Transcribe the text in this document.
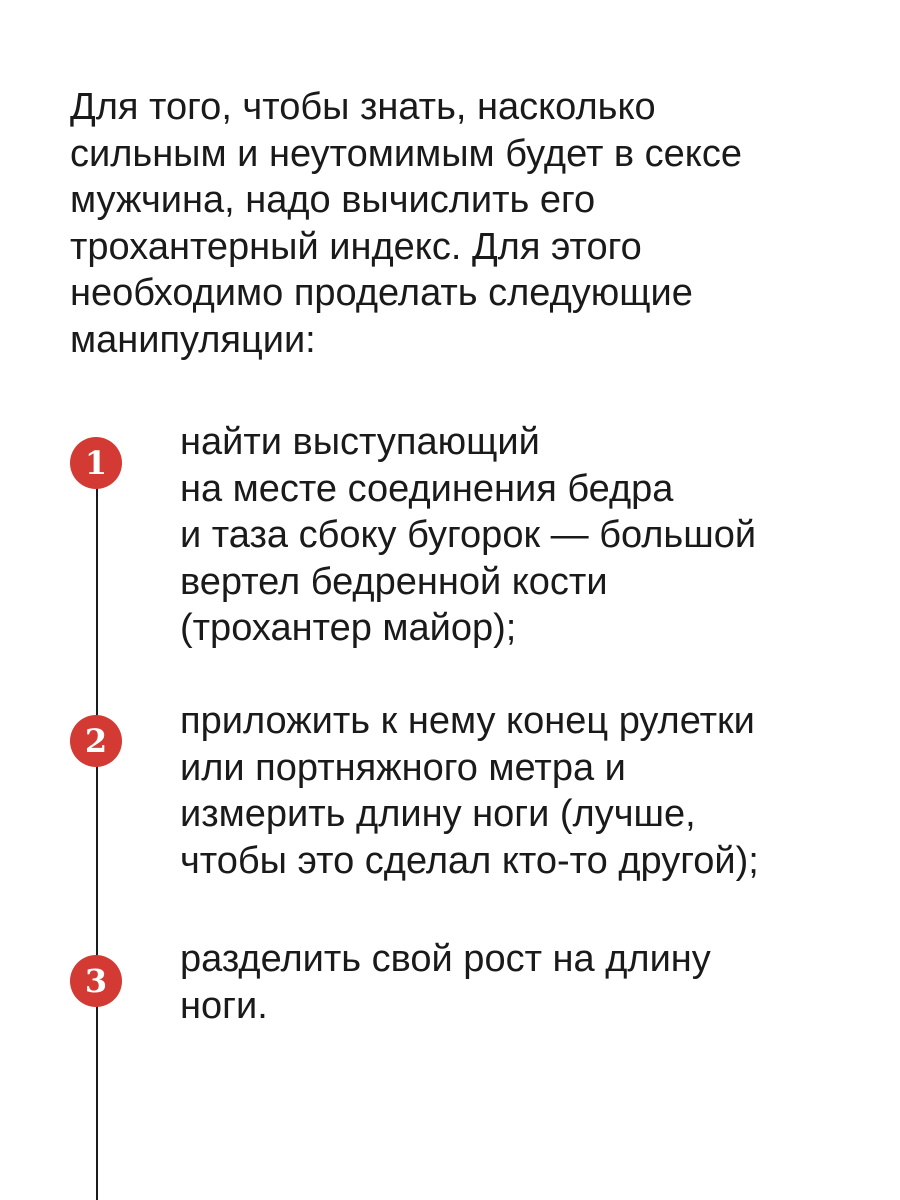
Для того, чтобы знать, насколько
сильным и неутомимым будет в сексе
мужчина, надо вычислить его
трохантерный индекс. Для этого
необходимо проделать следующие
манипуляции:

1	найти выступающий
на месте соединения бедра
и таза сбоку бугорок — большой
вертел бедренной кости
(трохантер майор);

2	приложить к нему конец рулетки
или портняжного метра и
измерить длину ноги (лучше,
чтобы это сделал кто-то другой);

3

разделить свой рост на длину
ноги.
